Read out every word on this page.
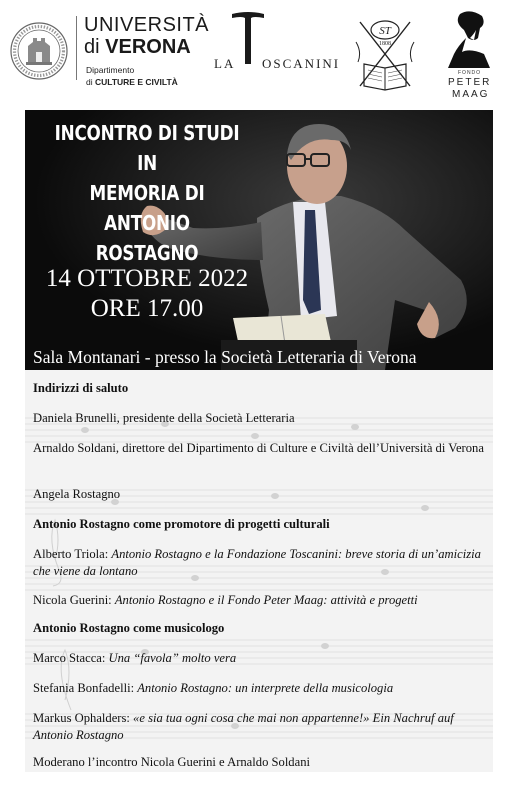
UNIVERSITÀ
di VERONA
Dipartimento
di CULTURE E CIVILTÀ
LA OSCANINI
ST
1808
FONDO
PETER
MAAG
INCONTRO DI STUDI IN
MEMORIA DI ANTONIO
ROSTAGNO
14 OTTOBRE 2022
ORE 17.00
Sala Montanari - presso la Società Letteraria di Verona
Indirizzi di saluto
Daniela Brunelli, presidente della Società Letteraria
Arnaldo Soldani, direttore del Dipartimento di Culture e Civiltà dell’Università di Verona
Angela Rostagno
Antonio Rostagno come promotore di progetti culturali
Alberto Triola: Antonio Rostagno e la Fondazione Toscanini: breve storia di un’amicizia che viene da lontano
Nicola Guerini: Antonio Rostagno e il Fondo Peter Maag: attività e progetti
Antonio Rostagno come musicologo
Marco Stacca: Una “favola” molto vera
Stefania Bonfadelli: Antonio Rostagno: un interprete della musicologia
Markus Ophalders: «e sia tua ogni cosa che mai non appartenne!» Ein Nachruf auf Antonio Rostagno
Moderano l’incontro Nicola Guerini e Arnaldo Soldani
